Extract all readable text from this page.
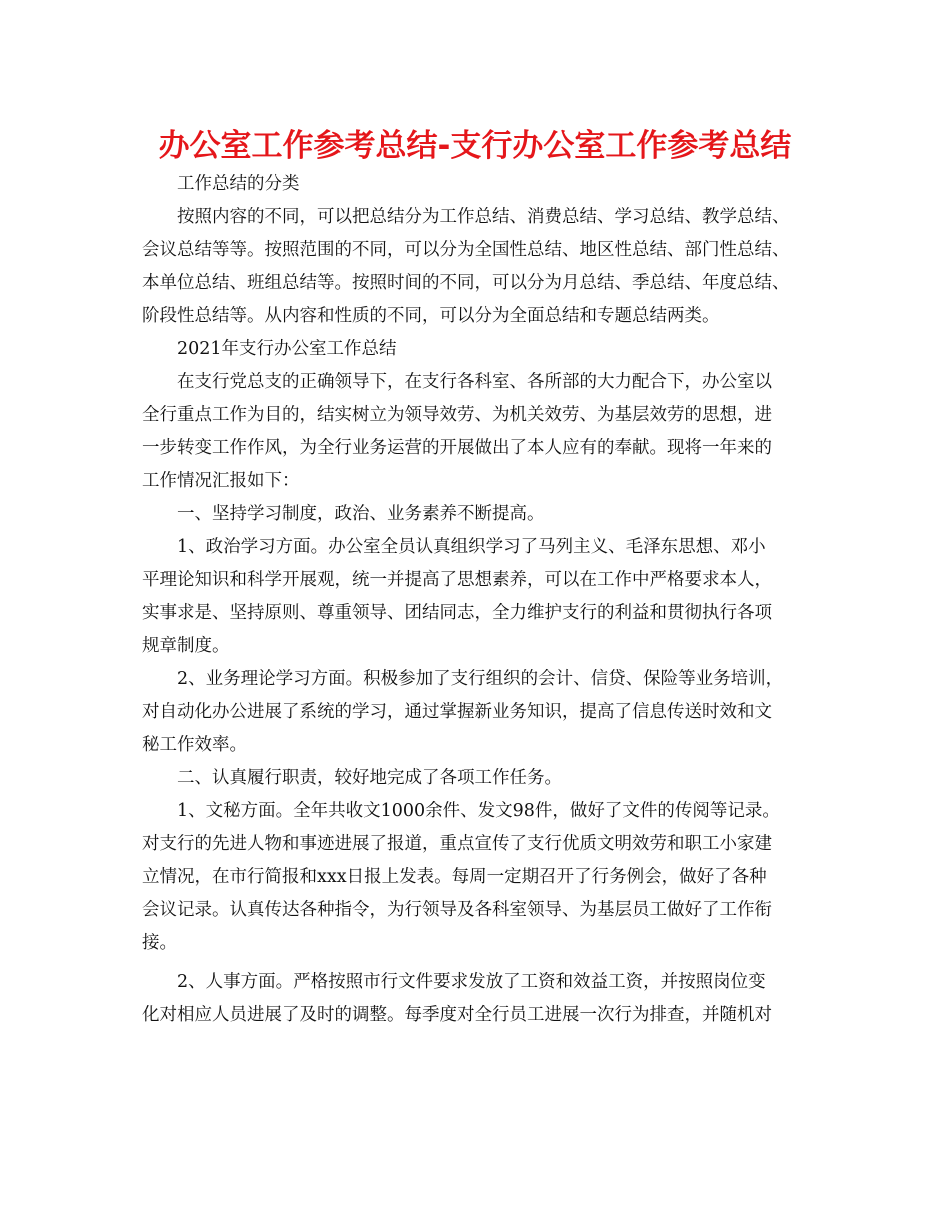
办公室工作参考总结-支行办公室工作参考总结
工作总结的分类
按照内容的不同，可以把总结分为工作总结、消费总结、学习总结、教学总结、
会议总结等等。按照范围的不同，可以分为全国性总结、地区性总结、部门性总结、
本单位总结、班组总结等。按照时间的不同，可以分为月总结、季总结、年度总结、
阶段性总结等。从内容和性质的不同，可以分为全面总结和专题总结两类。
2021年支行办公室工作总结
在支行党总支的正确领导下，在支行各科室、各所部的大力配合下，办公室以
全行重点工作为目的，结实树立为领导效劳、为机关效劳、为基层效劳的思想，进
一步转变工作作风，为全行业务运营的开展做出了本人应有的奉献。现将一年来的
工作情况汇报如下：
一、坚持学习制度，政治、业务素养不断提高。
1、政治学习方面。办公室全员认真组织学习了马列主义、毛泽东思想、邓小
平理论知识和科学开展观，统一并提高了思想素养，可以在工作中严格要求本人，
实事求是、坚持原则、尊重领导、团结同志，全力维护支行的利益和贯彻执行各项
规章制度。
2、业务理论学习方面。积极参加了支行组织的会计、信贷、保险等业务培训，
对自动化办公进展了系统的学习，通过掌握新业务知识，提高了信息传送时效和文
秘工作效率。
二、认真履行职责，较好地完成了各项工作任务。
1、文秘方面。全年共收文1000余件、发文98件，做好了文件的传阅等记录。
对支行的先进人物和事迹进展了报道，重点宣传了支行优质文明效劳和职工小家建
立情况，在市行简报和xxx日报上发表。每周一定期召开了行务例会，做好了各种
会议记录。认真传达各种指令，为行领导及各科室领导、为基层员工做好了工作衔
接。
2、人事方面。严格按照市行文件要求发放了工资和效益工资，并按照岗位变
化对相应人员进展了及时的调整。每季度对全行员工进展一次行为排查，并随机对
